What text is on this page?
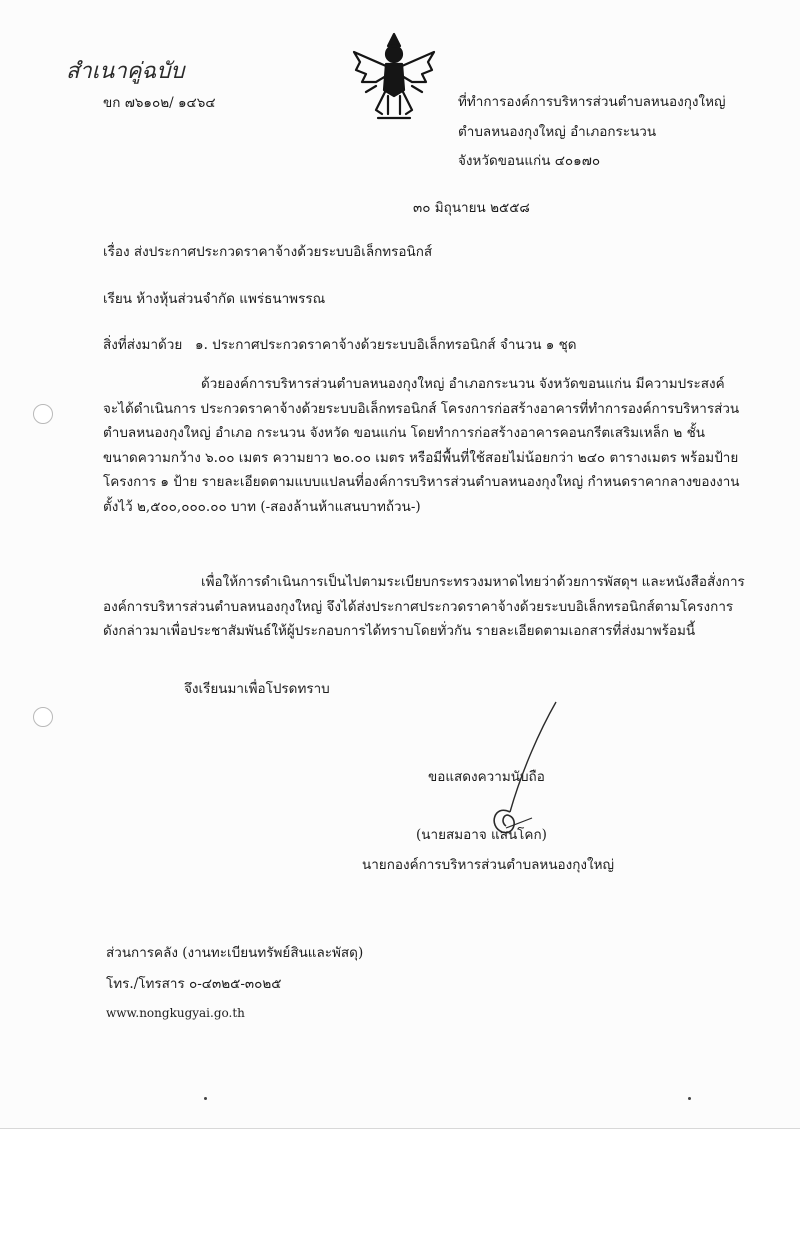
สำเนาคู่ฉบับ
ขก ๗๖๑๐๒/ ๑๔๖๔	ที่ทำการองค์การบริหารส่วนตำบลหนองกุงใหญ่
ตำบลหนองกุงใหญ่ อำเภอกระนวน
จังหวัดขอนแก่น ๔๐๑๗๐
๓๐ มิถุนายน ๒๕๕๘
เรื่อง ส่งประกาศประกวดราคาจ้างด้วยระบบอิเล็กทรอนิกส์
เรียน ห้างหุ้นส่วนจำกัด แพร่ธนาพรรณ
สิ่งที่ส่งมาด้วย ๑. ประกาศประกวดราคาจ้างด้วยระบบอิเล็กทรอนิกส์ จำนวน ๑ ชุด
ด้วยองค์การบริหารส่วนตำบลหนองกุงใหญ่ อำเภอกระนวน จังหวัดขอนแก่น มีความประสงค์
จะได้ดำเนินการ ประกวดราคาจ้างด้วยระบบอิเล็กทรอนิกส์ โครงการก่อสร้างอาคารที่ทำการองค์การบริหารส่วน
ตำบลหนองกุงใหญ่ อำเภอ กระนวน จังหวัด ขอนแก่น โดยทำการก่อสร้างอาคารคอนกรีตเสริมเหล็ก ๒ ชั้น
ขนาดความกว้าง ๖.๐๐ เมตร ความยาว ๒๐.๐๐ เมตร หรือมีพื้นที่ใช้สอยไม่น้อยกว่า ๒๔๐ ตารางเมตร พร้อมป้าย
โครงการ ๑ ป้าย รายละเอียดตามแบบแปลนที่องค์การบริหารส่วนตำบลหนองกุงใหญ่ กำหนดราคากลางของงาน
ตั้งไว้ ๒,๕๐๐,๐๐๐.๐๐ บาท (-สองล้านห้าแสนบาทถ้วน-)
เพื่อให้การดำเนินการเป็นไปตามระเบียบกระทรวงมหาดไทยว่าด้วยการพัสดุฯ และหนังสือสั่งการ
องค์การบริหารส่วนตำบลหนองกุงใหญ่ จึงได้ส่งประกาศประกวดราคาจ้างด้วยระบบอิเล็กทรอนิกส์ตามโครงการ
ดังกล่าวมาเพื่อประชาสัมพันธ์ให้ผู้ประกอบการได้ทราบโดยทั่วกัน รายละเอียดตามเอกสารที่ส่งมาพร้อมนี้
จึงเรียนมาเพื่อโปรดทราบ
ขอแสดงความนับถือ
(นายสมอาจ แสนโคก)
นายกองค์การบริหารส่วนตำบลหนองกุงใหญ่
ส่วนการคลัง (งานทะเบียนทรัพย์สินและพัสดุ)
โทร./โทรสาร ๐-๔๓๒๕-๓๐๒๕
www.nongkugyai.go.th
